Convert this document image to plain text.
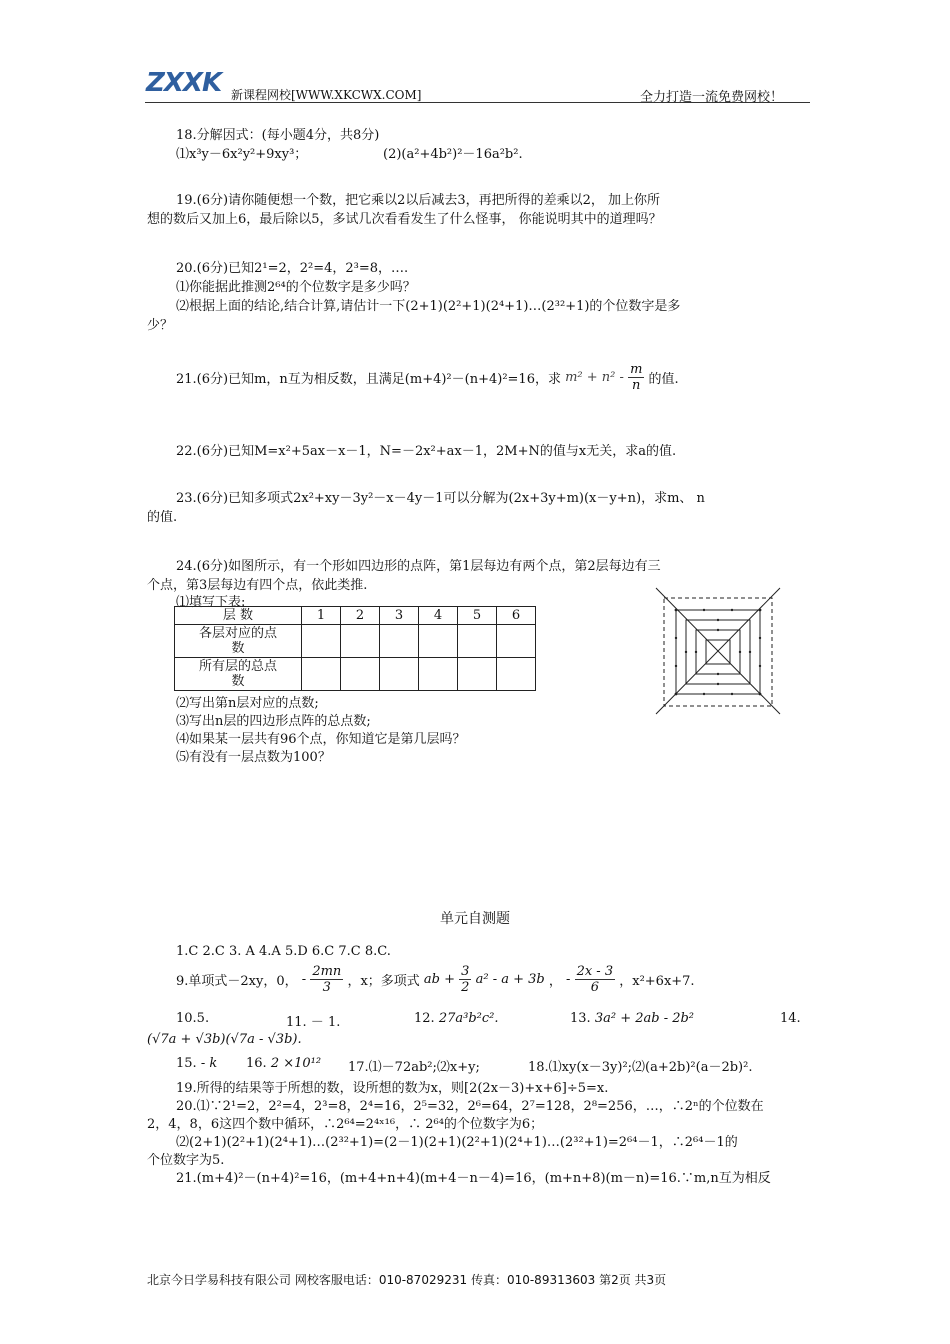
ZXXK 新课程网校[WWW.XKCWX.COM]	全力打造一流免费网校！
18.分解因式：(每小题4分，共8分)
⑴x³y－6x²y²+9xy³；	(2)(a²+4b²)²－16a²b².
19.(6分)请你随便想一个数，把它乘以2以后减去3，再把所得的差乘以2， 加上你所
想的数后又加上6，最后除以5，多试几次看看发生了什么怪事， 你能说明其中的道理吗？
20.(6分)已知2¹=2，2²=4，2³=8，….
⑴你能据此推测2⁶⁴的个位数字是多少吗？
⑵根据上面的结论,结合计算,请估计一下(2+1)(2²+1)(2⁴+1)…(2³²+1)的个位数字是多
少？
21.(6分)已知m，n互为相反数，且满足(m+4)²－(n+4)²=16，求 $m^2 + n^2 - \frac{m}{n}$ 的值.
22.(6分)已知M=x²+5ax－x－1，N=－2x²+ax－1，2M+N的值与x无关，求a的值.
23.(6分)已知多项式2x²+xy－3y²－x－4y－1可以分解为(2x+3y+m)(x－y+n)，求m、 n
的值.
24.(6分)如图所示，有一个形如四边形的点阵，第1层每边有两个点，第2层每边有三
个点，第3层每边有四个点，依此类推.
⑴填写下表:
层 数	1	2	3	4	5	6

各层对应的点
数						

所有层的总点
数						

⑵写出第n层对应的点数;
⑶写出n层的四边形点阵的总点数;
⑷如果某一层共有96个点，你知道它是第几层吗？
⑸有没有一层点数为100？
单元自测题
1.C 2.C 3. A 4.A 5.D 6.C 7.C 8.C.
9.单项式－2xy，0， - $\frac{2mn}{3}$ ，x；多项式 ab + $\frac{3}{2} a^2 - a + 3b$ ， - $\frac{2x - 3}{6}$ ，x²+6x+7.
10.5.	11. － 1.	12. 27a³b²c².	13. 3a² + 2ab - 2b²	14.
(√7a + √3b)(√7a - √3b).
15. - k 16. 2 ×10¹² 17.⑴－72ab²;⑵x+y;	18.⑴xy(x－3y)²;⑵(a+2b)²(a－2b)².
19.所得的结果等于所想的数，设所想的数为x，则[2(2x－3)+x+6]÷5=x.
20.⑴∵2¹=2，2²=4，2³=8，2⁴=16，2⁵=32，2⁶=64，2⁷=128，2⁸=256，…，∴2ⁿ的个位数在
2，4，8，6这四个数中循环，∴2⁶⁴=2⁴ˣ¹⁶，∴ 2⁶⁴的个位数字为6；
⑵(2+1)(2²+1)(2⁴+1)…(2³²+1)=(2－1)(2+1)(2²+1)(2⁴+1)…(2³²+1)=2⁶⁴－1，∴2⁶⁴－1的
个位数字为5.
21.(m+4)²－(n+4)²=16，(m+4+n+4)(m+4－n－4)=16，(m+n+8)(m－n)=16.∵m,n互为相反
北京今日学易科技有限公司 网校客服电话：010-87029231 传真：010-89313603 第2页 共3页
